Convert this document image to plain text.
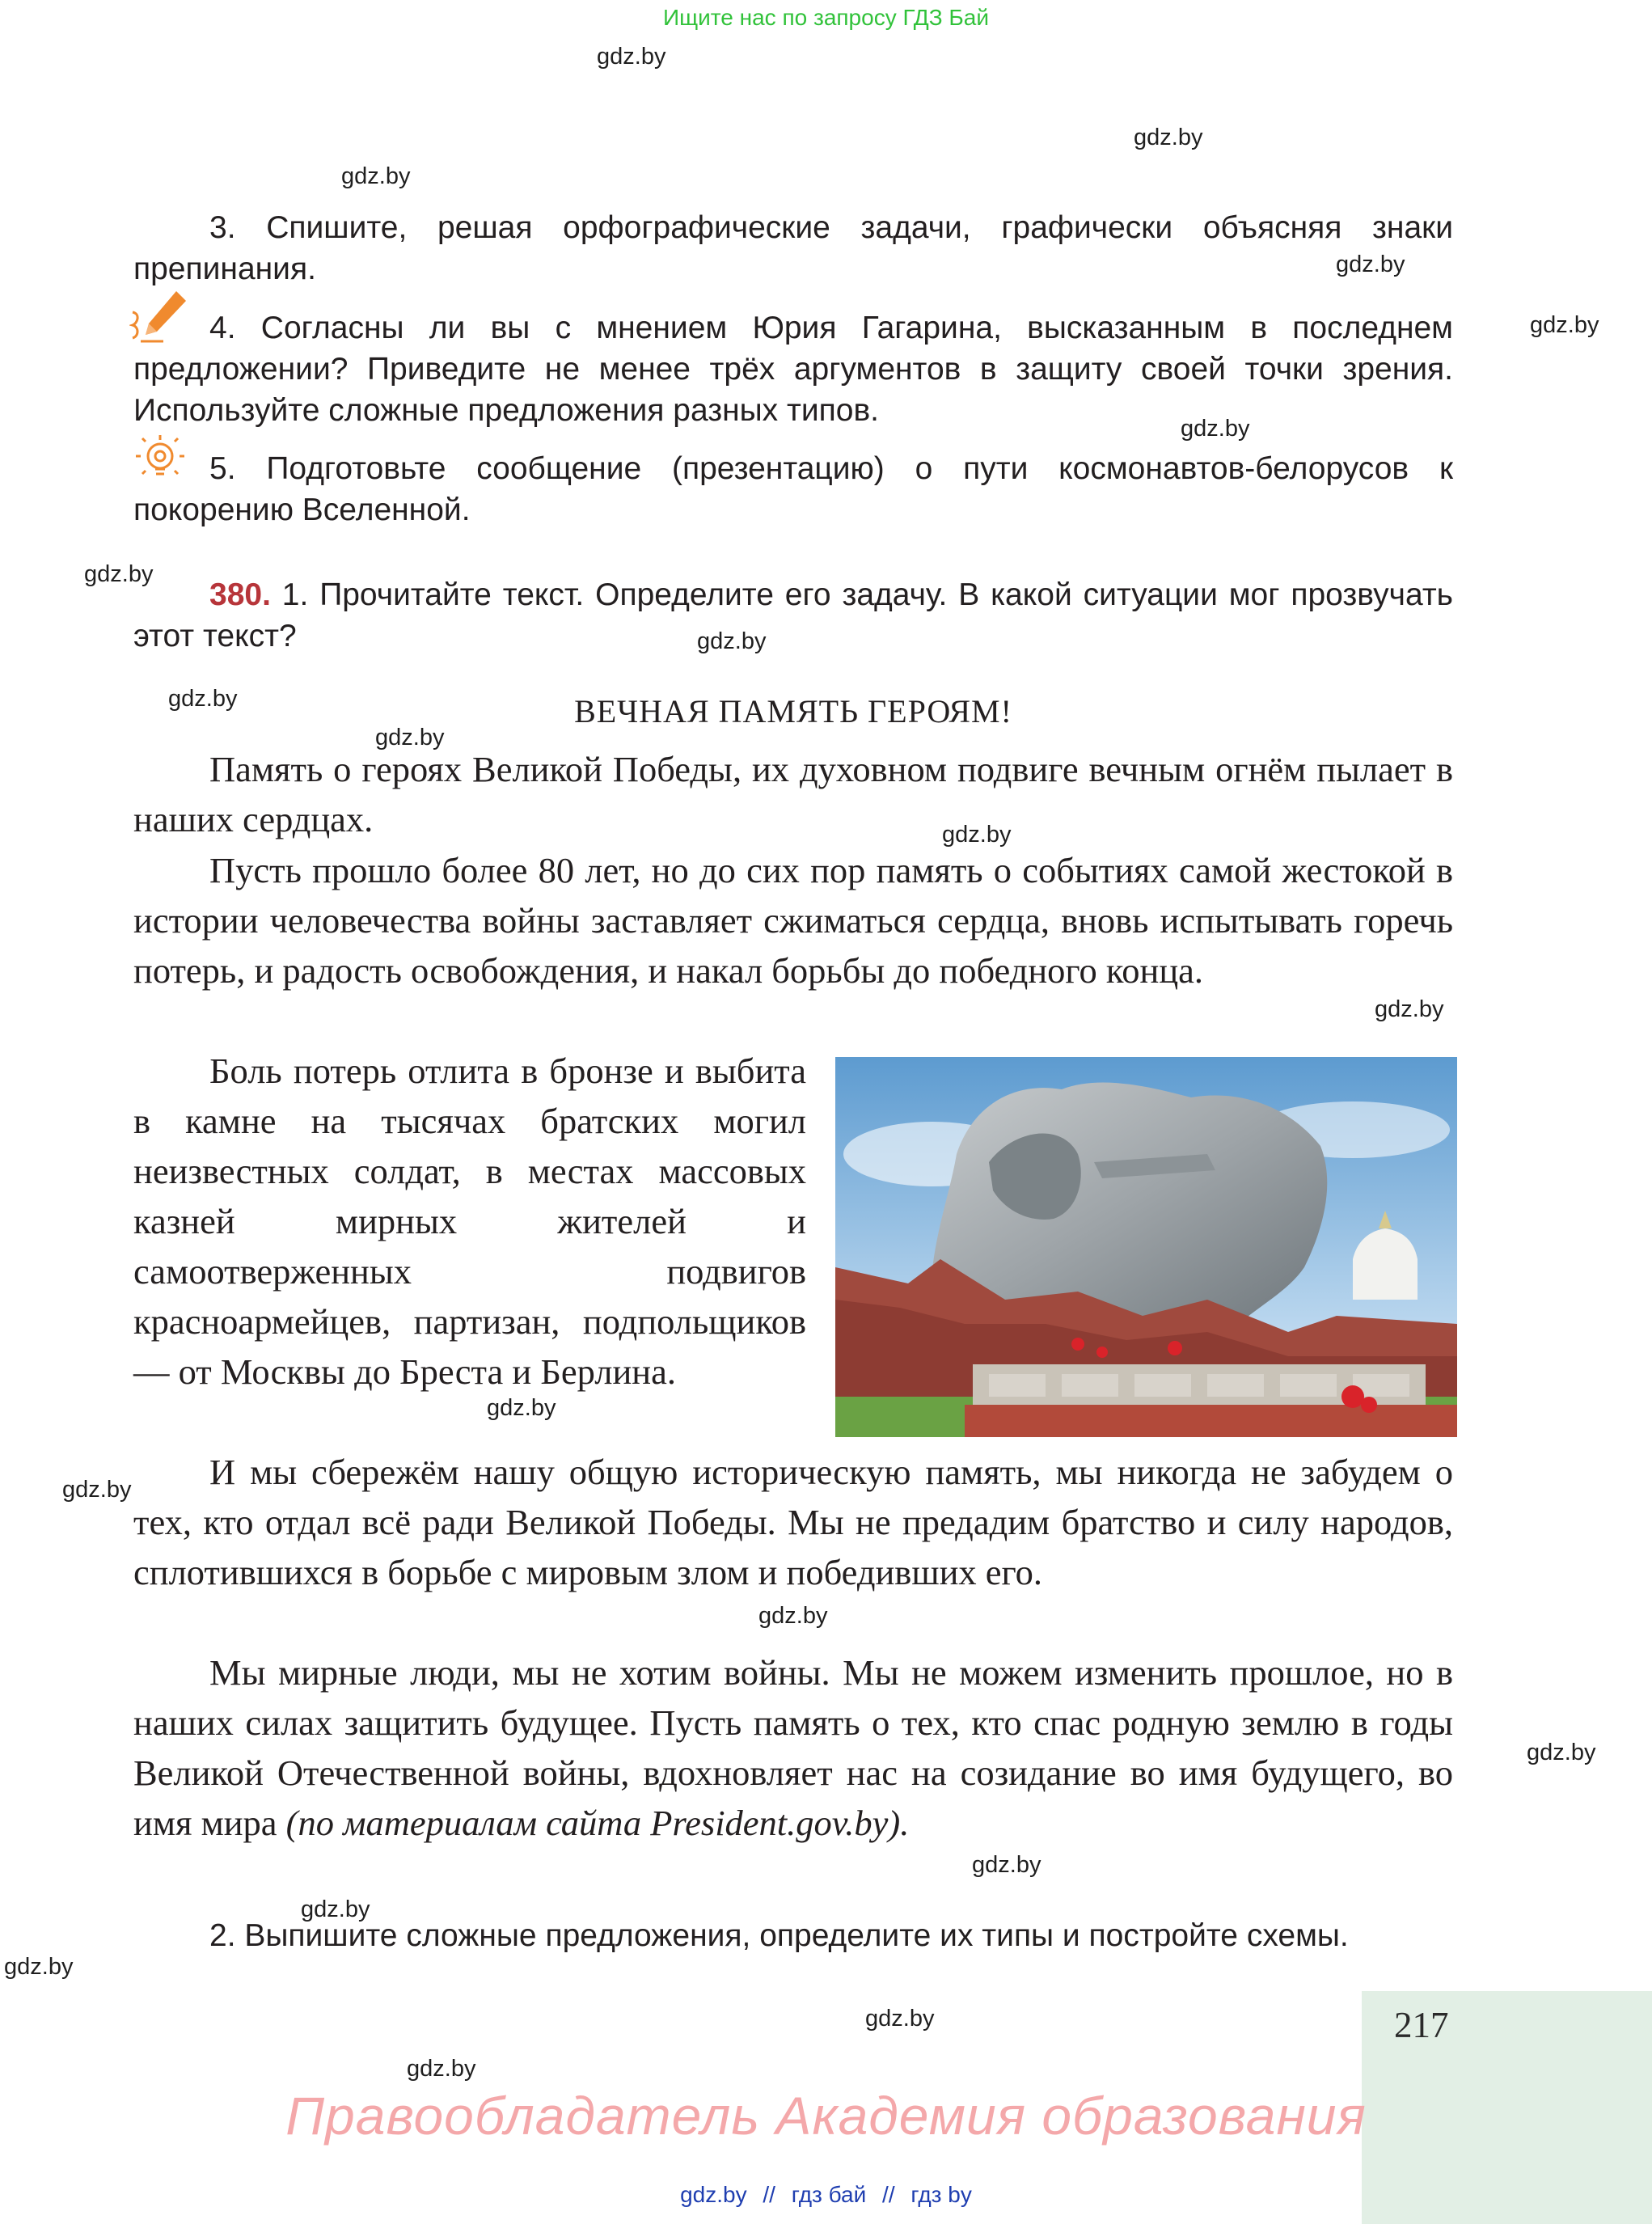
Ищите нас по запросу ГДЗ Бай
gdz.by
gdz.by
gdz.by
gdz.by
gdz.by
gdz.by
gdz.by
gdz.by
gdz.by
gdz.by
gdz.by
gdz.by
gdz.by
gdz.by
gdz.by
gdz.by
gdz.by
gdz.by
gdz.by
gdz.by
gdz.by
3. Спишите, решая орфографические задачи, графически объясняя знаки препинания.
4. Согласны ли вы с мнением Юрия Гагарина, высказанным в последнем предложении? Приведите не менее трёх аргументов в защиту своей точки зрения. Используйте сложные предложения разных типов.
5. Подготовьте сообщение (презентацию) о пути космонавтов-белорусов к покорению Вселенной.
380. 1. Прочитайте текст. Определите его задачу. В какой ситуации мог прозвучать этот текст?
ВЕЧНАЯ ПАМЯТЬ ГЕРОЯМ!
Память о героях Великой Победы, их духовном подвиге вечным огнём пылает в наших сердцах.
Пусть прошло более 80 лет, но до сих пор память о событиях самой жестокой в истории человечества войны заставляет сжиматься сердца, вновь испытывать горечь потерь, и радость освобождения, и накал борьбы до победного конца.
Боль потерь отлита в бронзе и выбита в камне на тысячах братских могил неизвестных солдат, в местах массовых казней мирных жителей и самоотверженных подвигов красноармейцев, партизан, подпольщиков — от Москвы до Бреста и Берлина.
И мы сбережём нашу общую историческую память, мы никогда не забудем о тех, кто отдал всё ради Великой Победы. Мы не предадим братство и силу народов, сплотившихся в борьбе с мировым злом и победивших его.
Мы мирные люди, мы не хотим войны. Мы не можем изменить прошлое, но в наших силах защитить будущее. Пусть память о тех, кто спас родную землю в годы Великой Отечественной войны, вдохновляет нас на созидание во имя будущего, во имя мира (по материалам сайта President.gov.by).
2. Выпишите сложные предложения, определите их типы и постройте схемы.
217
Правообладатель Академия образования
gdz.by // гдз бай // гдз by
